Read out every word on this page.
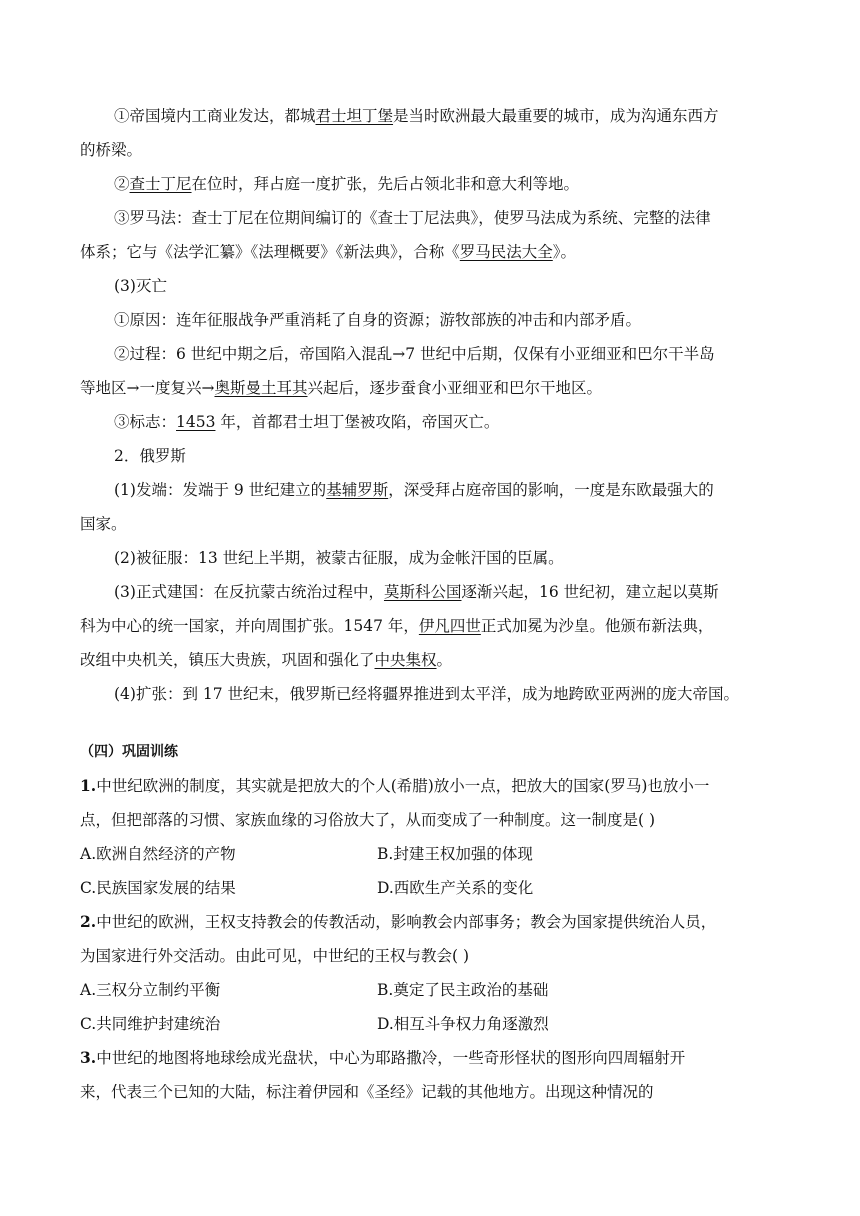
①帝国境内工商业发达，都城君士坦丁堡是当时欧洲最大最重要的城市，成为沟通东西方
的桥梁。
②查士丁尼在位时，拜占庭一度扩张，先后占领北非和意大利等地。
③罗马法：查士丁尼在位期间编订的《查士丁尼法典》，使罗马法成为系统、完整的法律
体系；它与《法学汇纂》《法理概要》《新法典》，合称《罗马民法大全》。
(3)灭亡
①原因：连年征服战争严重消耗了自身的资源；游牧部族的冲击和内部矛盾。
②过程：6 世纪中期之后，帝国陷入混乱→7 世纪中后期，仅保有小亚细亚和巴尔干半岛
等地区→一度复兴→奥斯曼土耳其兴起后，逐步蚕食小亚细亚和巴尔干地区。
③标志：1453 年，首都君士坦丁堡被攻陷，帝国灭亡。
2．俄罗斯
(1)发端：发端于 9 世纪建立的基辅罗斯，深受拜占庭帝国的影响，一度是东欧最强大的
国家。
(2)被征服：13 世纪上半期，被蒙古征服，成为金帐汗国的臣属。
(3)正式建国：在反抗蒙古统治过程中，莫斯科公国逐渐兴起，16 世纪初，建立起以莫斯
科为中心的统一国家，并向周围扩张。1547 年，伊凡四世正式加冕为沙皇。他颁布新法典，
改组中央机关，镇压大贵族，巩固和强化了中央集权。
(4)扩张：到 17 世纪末，俄罗斯已经将疆界推进到太平洋，成为地跨欧亚两洲的庞大帝国。
（四）巩固训练
1.中世纪欧洲的制度，其实就是把放大的个人(希腊)放小一点，把放大的国家(罗马)也放小一
点，但把部落的习惯、家族血缘的习俗放大了，从而变成了一种制度。这一制度是( )
A.欧洲自然经济的产物	B.封建王权加强的体现
C.民族国家发展的结果	D.西欧生产关系的变化
2.中世纪的欧洲，王权支持教会的传教活动，影响教会内部事务；教会为国家提供统治人员，
为国家进行外交活动。由此可见，中世纪的王权与教会( )
A.三权分立制约平衡	B.奠定了民主政治的基础
C.共同维护封建统治	D.相互斗争权力角逐激烈
3.中世纪的地图将地球绘成光盘状，中心为耶路撒冷，一些奇形怪状的图形向四周辐射开
来，代表三个已知的大陆，标注着伊园和《圣经》记载的其他地方。出现这种情况的
